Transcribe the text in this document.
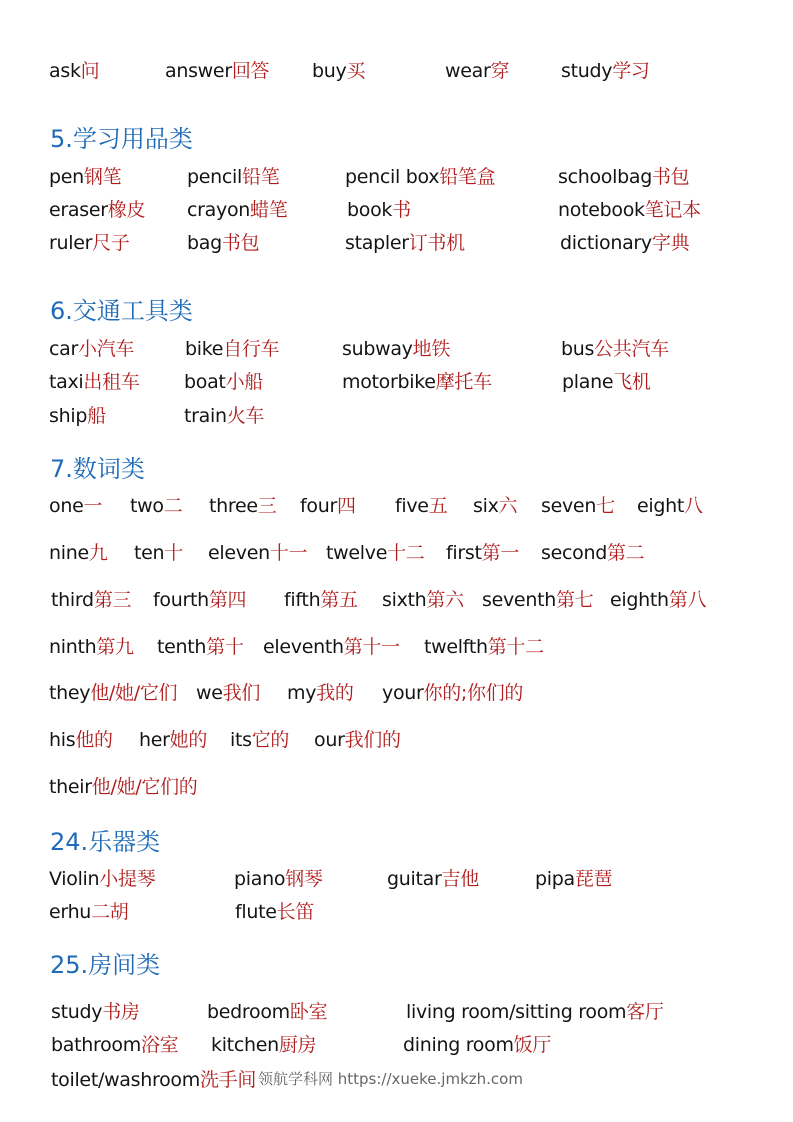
ask问	answer回答 buy买	wear穿	study学习
5.学习用品类
pen钢笔	pencil铅笔	pencil box铅笔盒	schoolbag书包
eraser橡皮 crayon蜡笔	book书	notebook笔记本
ruler尺子	bag书包	stapler订书机	dictionary字典
6.交通工具类
car小汽车	bike自行车	subway地铁	bus公共汽车
taxi出租车 boat小船	motorbike摩托车	plane飞机
ship船	train火车
7.数词类
one一 two二 three三 four四 five五 six六 seven七 eight八
nine九 ten十 eleven十一 twelve十二 first第一 second第二
third第三 fourth第四 fifth第五 sixth第六 seventh第七 eighth第八
ninth第九 tenth第十 eleventh第十一 twelfth第十二
they他/她/它们 we我们 my我的 your你的;你们的
his他的 her她的 its它的 our我们的
their他/她/它们的
24.乐器类
Violin小提琴	piano钢琴	guitar吉他	pipa琵琶
erhu二胡	flute长笛
25.房间类
study书房	bedroom卧室	living room/sitting room客厅
bathroom浴室 kitchen厨房	dining room饭厅
toilet/washroom洗手间 领航学科网 https://xueke.jmkzh.com
